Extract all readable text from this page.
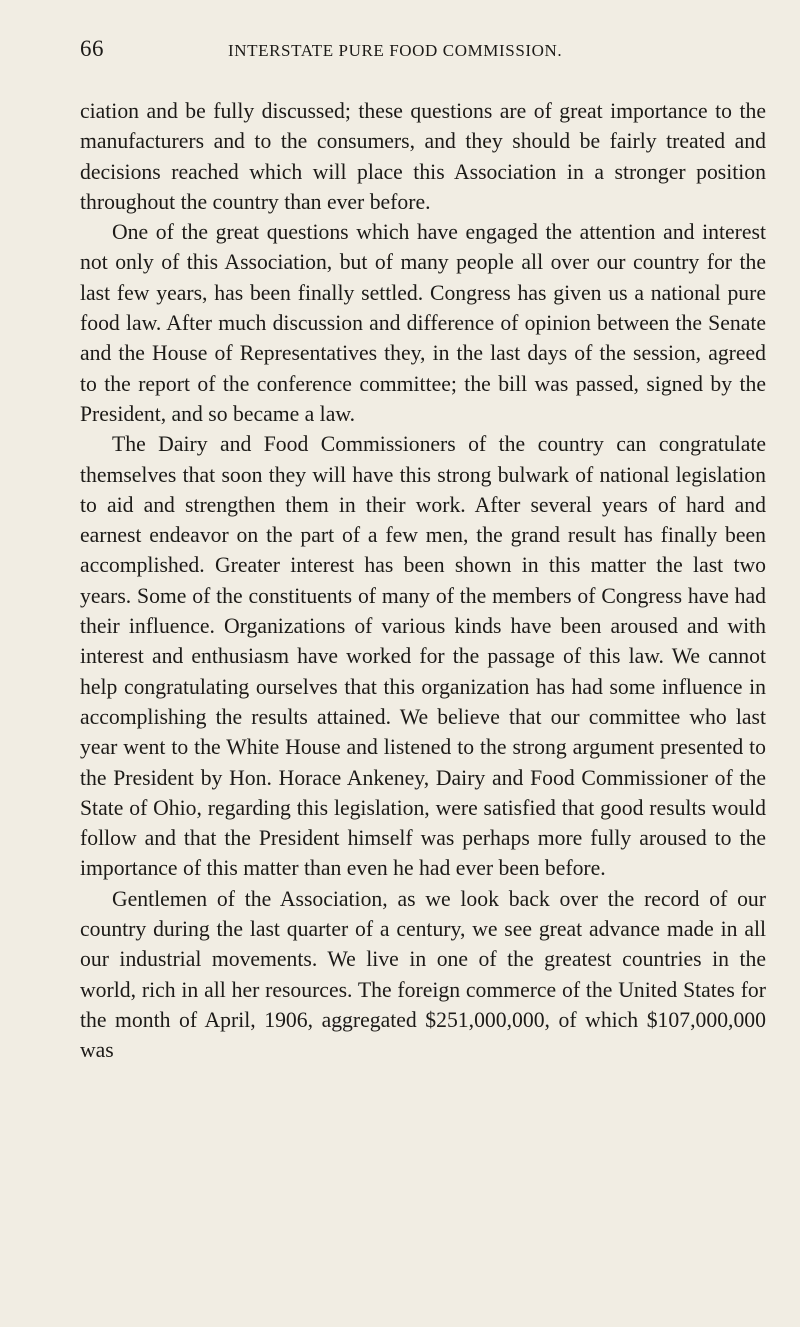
66	INTERSTATE PURE FOOD COMMISSION.

ciation and be fully discussed; these questions are of great importance to the manufacturers and to the consumers, and they should be fairly treated and decisions reached which will place this Association in a stronger position throughout the country than ever before.

One of the great questions which have engaged the attention and interest not only of this Association, but of many people all over our country for the last few years, has been finally settled. Congress has given us a national pure food law. After much discussion and difference of opinion between the Senate and the House of Representatives they, in the last days of the session, agreed to the report of the conference committee; the bill was passed, signed by the President, and so became a law.

The Dairy and Food Commissioners of the country can congratulate themselves that soon they will have this strong bulwark of national legislation to aid and strengthen them in their work. After several years of hard and earnest endeavor on the part of a few men, the grand result has finally been accomplished. Greater interest has been shown in this matter the last two years. Some of the constituents of many of the members of Congress have had their influence. Organizations of various kinds have been aroused and with interest and enthusiasm have worked for the passage of this law. We cannot help congratulating ourselves that this organization has had some influence in accomplishing the results attained. We believe that our committee who last year went to the White House and listened to the strong argument presented to the President by Hon. Horace Ankeney, Dairy and Food Commissioner of the State of Ohio, regarding this legislation, were satisfied that good results would follow and that the President himself was perhaps more fully aroused to the importance of this matter than even he had ever been before.

Gentlemen of the Association, as we look back over the record of our country during the last quarter of a century, we see great advance made in all our industrial movements. We live in one of the greatest countries in the world, rich in all her resources. The foreign commerce of the United States for the month of April, 1906, aggregated $251,000,000, of which $107,000,000 was
